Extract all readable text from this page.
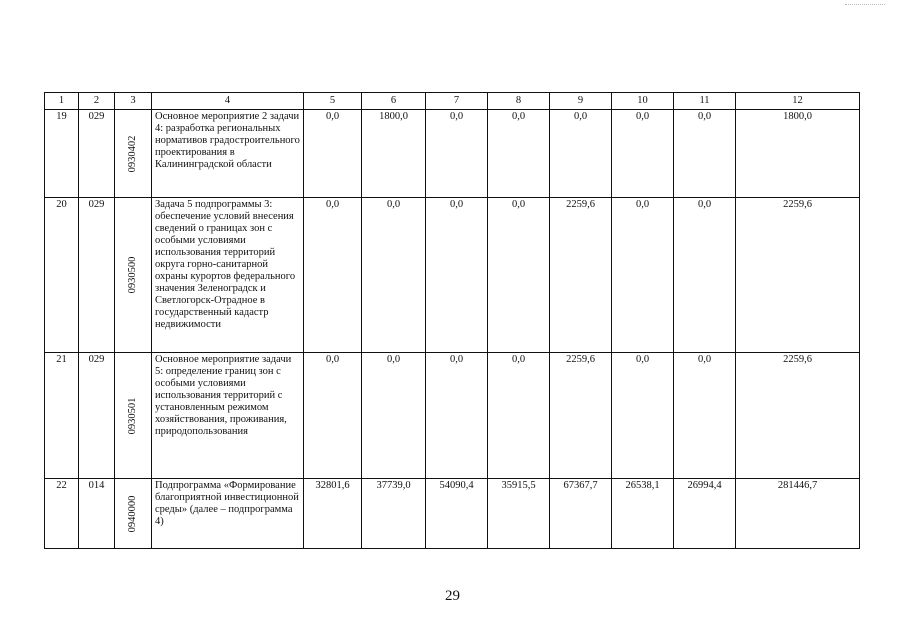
1	2	3	4	5	6	7	8	9	10	11	12
19	029	0930402	Основное мероприятие 2 задачи 4: разработка региональных нормативов градостроительного проектирования в Калининградской области	0,0	1800,0	0,0	0,0	0,0	0,0	0,0	1800,0
20	029	0930500	Задача 5 подпрограммы 3: обеспечение условий внесения сведений о границах зон с особыми условиями использования территорий округа горно-санитарной охраны курортов федерального значения Зеленоградск и Светлогорск-Отрадное в государственный кадастр недвижимости	0,0	0,0	0,0	0,0	2259,6	0,0	0,0	2259,6
21	029	0930501	Основное мероприятие задачи 5: определение границ зон с особыми условиями использования территорий с установленным режимом хозяйствования, проживания, природопользования	0,0	0,0	0,0	0,0	2259,6	0,0	0,0	2259,6
22	014	0940000	Подпрограмма «Формирование благоприятной инвестиционной среды» (далее – подпрограмма 4)	32801,6	37739,0	54090,4	35915,5	67367,7	26538,1	26994,4	281446,7
29
